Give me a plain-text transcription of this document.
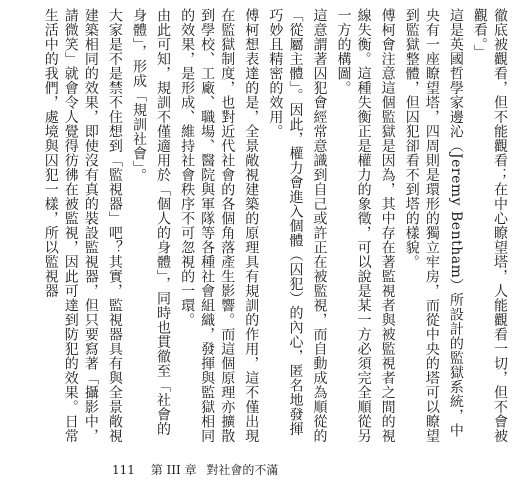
徹底被觀看，但不能觀看；在中心瞭望塔，人能觀看一切，但不會被觀看。」

這是英國哲學家邊沁（Jeremy Bentham）所設計的監獄系統，中央有一座瞭望塔，四周則是環形的獨立牢房，而從中央的塔可以瞭望到監獄整體，但囚犯卻看不到塔的樣貌。

傅柯會注意這個監獄是因為，其中存在著監視者與被監視者之間的視線失衡。這種失衡正是權力的象徵，可以說是某一方必須完全順從另一方的構圖。

這意謂著囚犯會經常意識到自己或許正在被監視，而自動成為順從的「從屬主體」。因此，權力會進入個體（囚犯）的內心，匿名地發揮巧妙且精密的效用。

傅柯想表達的是，全景敞視建築的原理具有規訓的作用，這不僅出現在監獄制度，也對近代社會的各個角落產生影響。而這個原理亦擴散到學校、工廠、職場、醫院與軍隊等各種社會組織，發揮與監獄相同的效果，是形成、維持社會秩序不可忽視的一環。

由此可知，規訓不僅適用於「個人的身體」，同時也貫徹至「社會的身體」，形成「規訓社會」。

大家是不是禁不住想到「監視器」吧？其實，監視器具有與全景敞視建築相同的效果，即使沒有真的裝設監視器，但只要寫著「攝影中，請微笑」就會令人覺得彷彿在被監視，因此可達到防犯的效果。日常生活中的我們，處境與囚犯一樣，所以監視器

111 第 III 章 對社會的不滿
